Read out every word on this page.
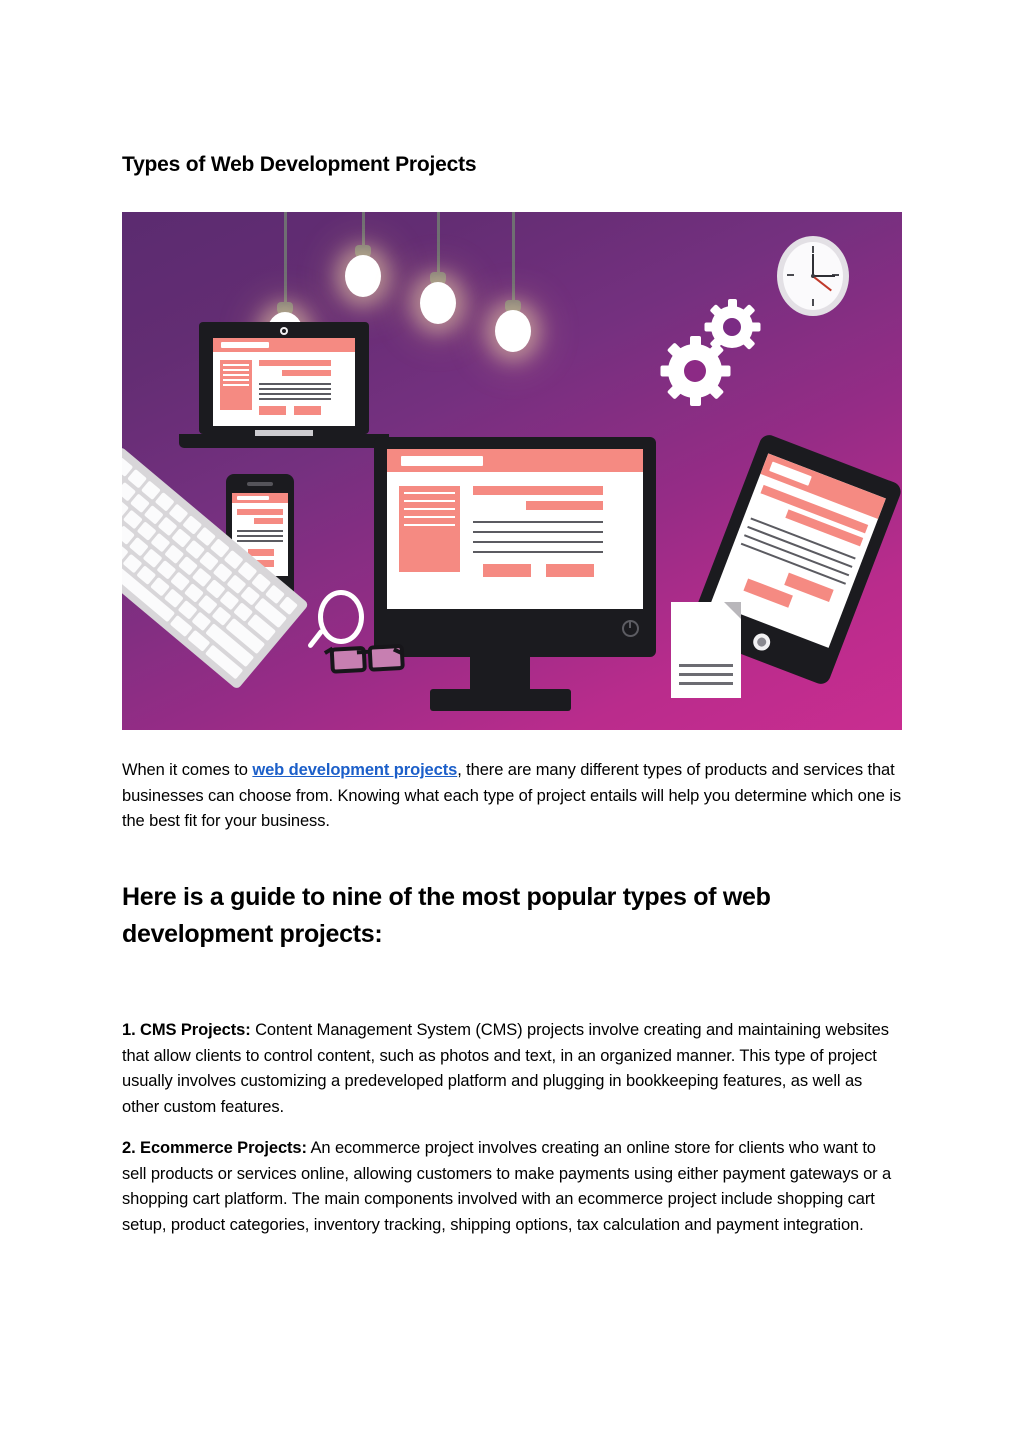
Types of Web Development Projects

When it comes to web development projects, there are many different types of products and services that businesses can choose from. Knowing what each type of project entails will help you determine which one is the best fit for your business.

Here is a guide to nine of the most popular types of web development projects:

1. CMS Projects: Content Management System (CMS) projects involve creating and maintaining websites that allow clients to control content, such as photos and text, in an organized manner. This type of project usually involves customizing a predeveloped platform and plugging in bookkeeping features, as well as other custom features.

2. Ecommerce Projects: An ecommerce project involves creating an online store for clients who want to sell products or services online, allowing customers to make payments using either payment gateways or a shopping cart platform. The main components involved with an ecommerce project include shopping cart setup, product categories, inventory tracking, shipping options, tax calculation and payment integration.
